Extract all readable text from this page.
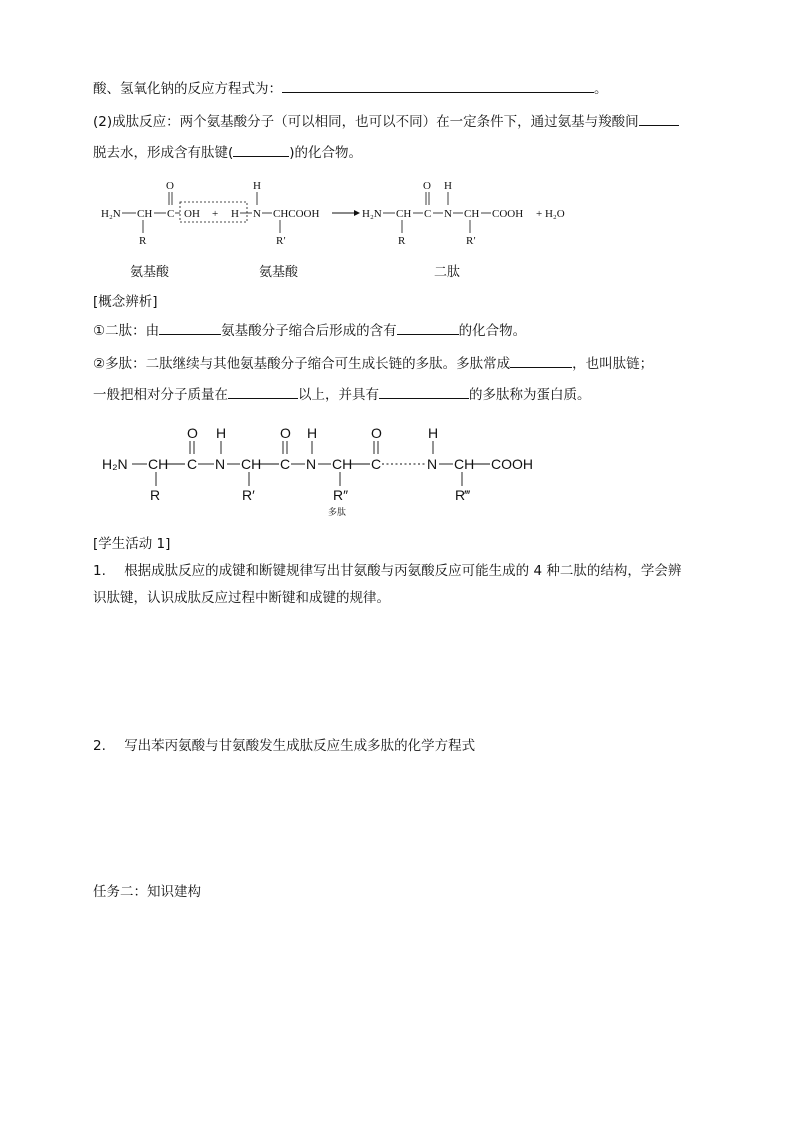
酸、氢氧化钠的反应方程式为：	。
(2)成肽反应：两个氨基酸分子（可以相同，也可以不同）在一定条件下，通过氨基与羧酸间
脱去水，形成含有肽键(	)的化合物。
H₂N CH
R
C
O
OH + H N
H
CHCOOH
R′
H₂N CH
R
C
O
N
H
CH
R′
COOH + H₂O
氨基酸	氨基酸	二肽
[概念辨析]
①二肽：由	氨基酸分子缩合后形成的含有	的化合物。
②多肽：二肽继续与其他氨基酸分子缩合可生成长链的多肽。多肽常成	，也叫肽链；
一般把相对分子质量在	以上，并具有	的多肽称为蛋白质。
H₂N CH
R
C
O
N
H
CH
R′
C
O
N
H
CH
R″
多肽
C
O
N
H
CH
R‴
COOH
[学生活动 1]
1. 根据成肽反应的成键和断键规律写出甘氨酸与丙氨酸反应可能生成的 4 种二肽的结构，学会辨
识肽键，认识成肽反应过程中断键和成键的规律。
2. 写出苯丙氨酸与甘氨酸发生成肽反应生成多肽的化学方程式
任务二：知识建构
